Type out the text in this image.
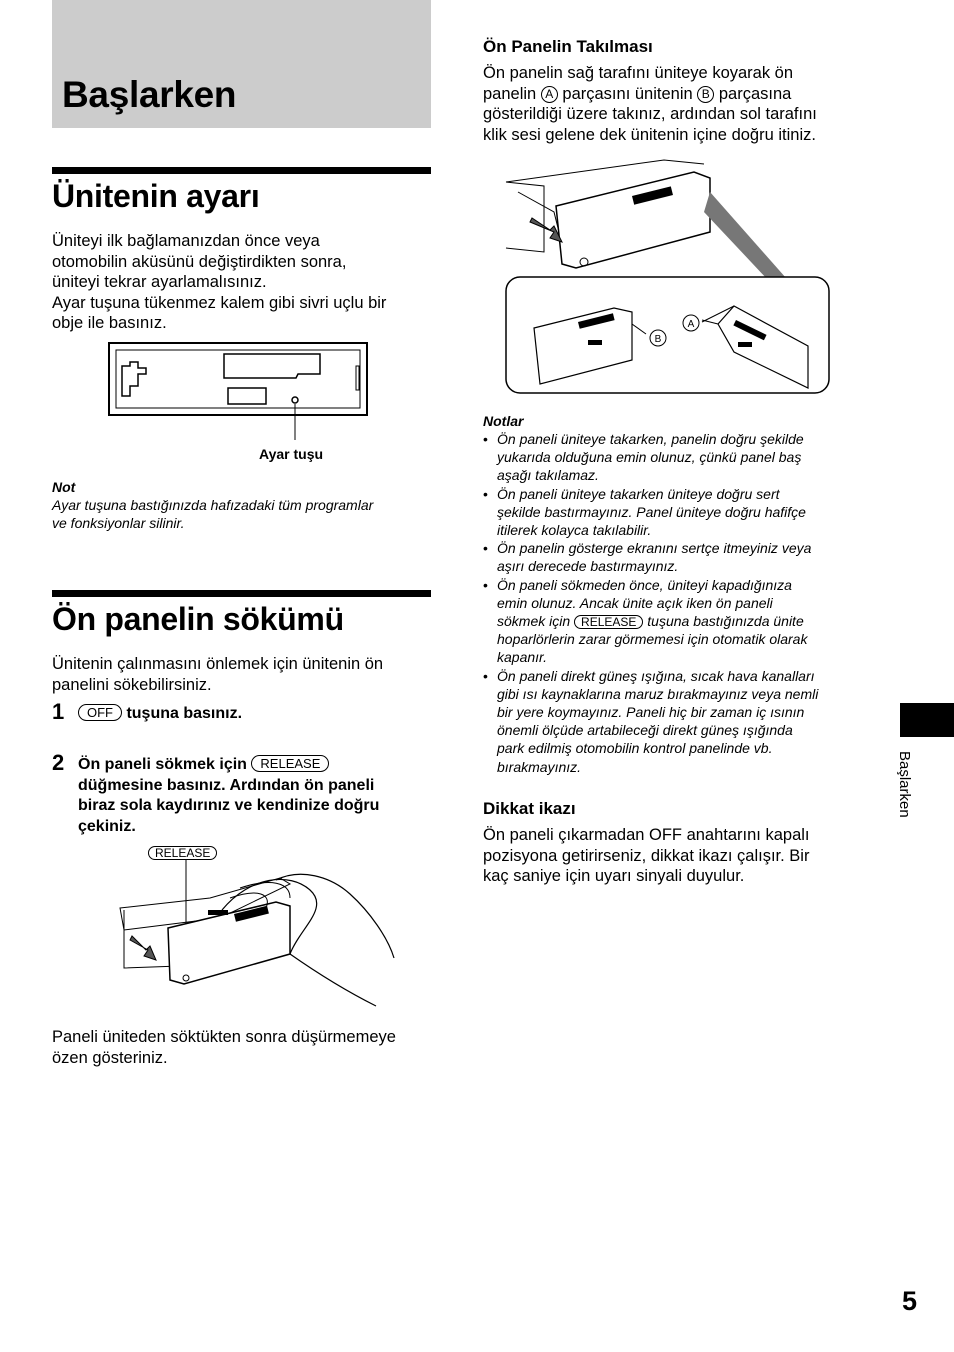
Başlarken
Ünitenin ayarı
Üniteyi ilk bağlamanızdan önce veya
otomobilin aküsünü değiştirdikten sonra,
üniteyi tekrar ayarlamalısınız.
Ayar tuşuna tükenmez kalem gibi sivri uçlu bir
obje ile basınız.
Ayar tuşu
Not
Ayar tuşuna bastığınızda hafızadaki tüm programlar
ve fonksiyonlar silinir.
Ön panelin sökümü
Ünitenin çalınmasını önlemek için ünitenin ön
panelini sökebilirsiniz.
1	OFF tuşuna basınız.
2 Ön paneli sökmek için RELEASE
düğmesine basınız. Ardından ön paneli
biraz sola kaydırınız ve kendinize doğru
çekiniz.
RELEASE
Paneli üniteden söktükten sonra düşürmemeye
özen gösteriniz.
Ön Panelin Takılması
Ön panelin sağ tarafını üniteye koyarak ön
panelin A parçasını ünitenin B parçasına
gösterildiği üzere takınız, ardından sol tarafını
klik sesi gelene dek ünitenin içine doğru itiniz.
A
B
Notlar
• Ön paneli üniteye takarken, panelin doğru şekilde
yukarıda olduğuna emin olunuz, çünkü panel baş
aşağı takılamaz.
• Ön paneli üniteye takarken üniteye doğru sert
şekilde bastırmayınız. Panel üniteye doğru hafifçe
itilerek kolayca takılabilir.
• Ön panelin gösterge ekranını sertçe itmeyiniz veya
aşırı derecede bastırmayınız.
• Ön paneli sökmeden önce, üniteyi kapadığınıza
emin olunuz. Ancak ünite açık iken ön paneli
sökmek için RELEASE tuşuna bastığınızda ünite
hoparlörlerin zarar görmemesi için otomatik olarak
kapanır.
• Ön paneli direkt güneş ışığına, sıcak hava kanalları
gibi ısı kaynaklarına maruz bırakmayınız veya nemli
bir yere koymayınız. Paneli hiç bir zaman iç ısının
önemli ölçüde artabileceği direkt güneş ışığında
park edilmiş otomobilin kontrol panelinde vb.
bırakmayınız.
Dikkat ikazı
Ön paneli çıkarmadan OFF anahtarını kapalı
pozisyona getirirseniz, dikkat ikazı çalışır. Bir
kaç saniye için uyarı sinyali duyulur.
Başlarken
5
